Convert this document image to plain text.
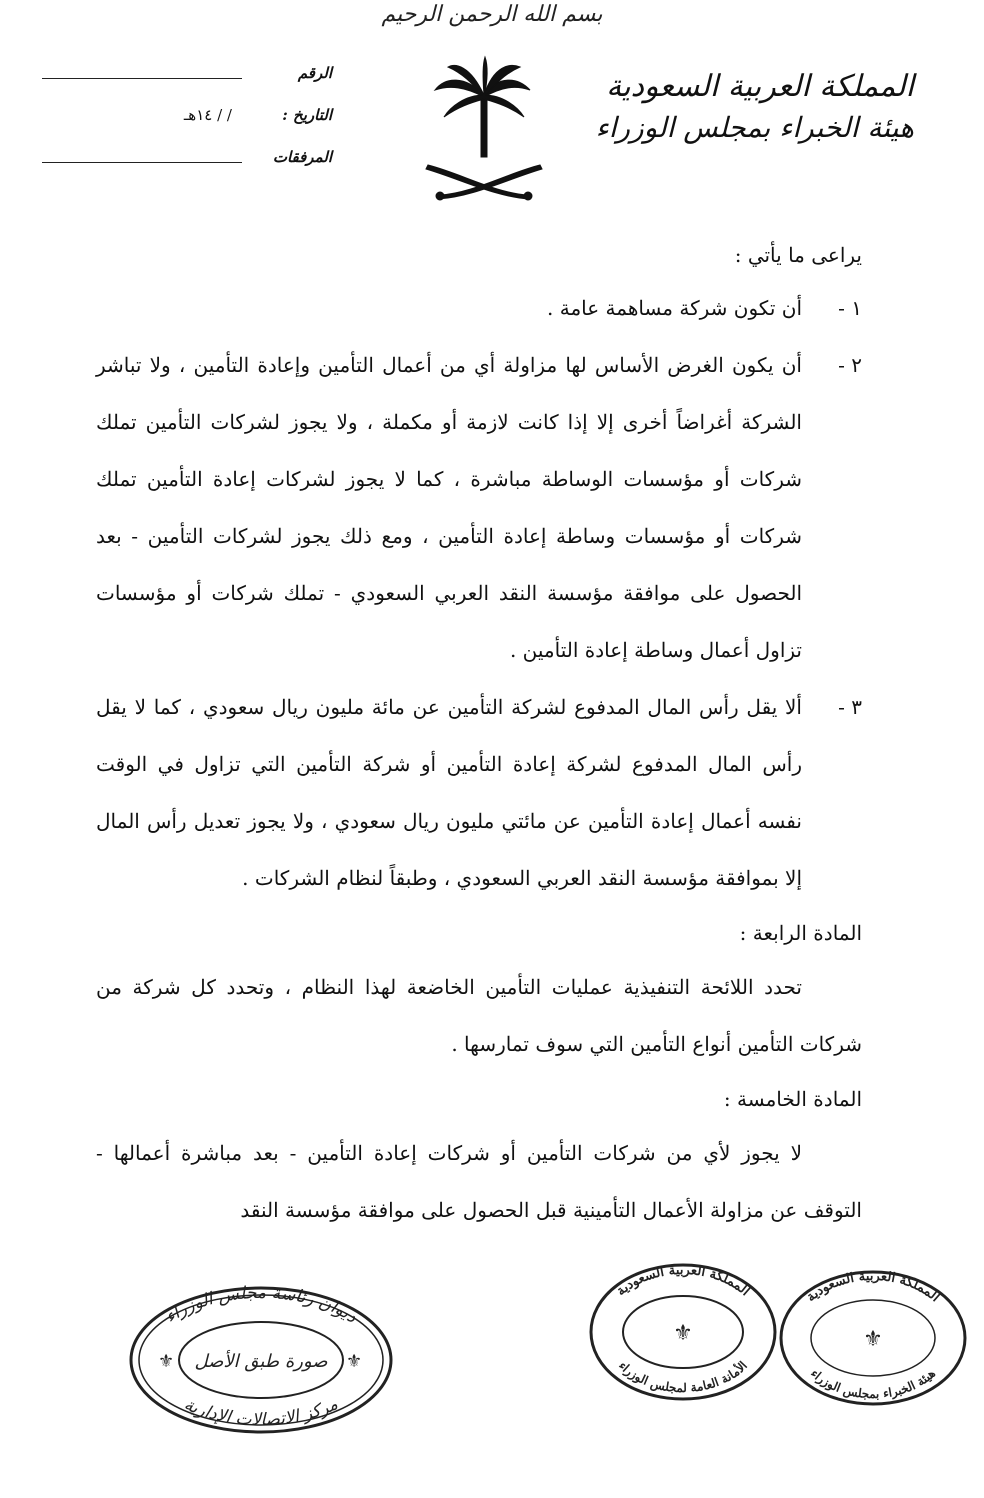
بسم الله الرحمن الرحيم
المملكة العربية السعودية
هيئة الخبراء بمجلس الوزراء
الرقم
التاريخ :
/ / ١٤هـ
المرفقات

يراعى ما يأتي :

١ -
أن تكون شركة مساهمة عامة .
٢ -
أن يكون الغرض الأساس لها مزاولة أي من أعمال التأمين وإعادة التأمين ، ولا تباشر الشركة أغراضاً أخرى إلا إذا كانت لازمة أو مكملة ، ولا يجوز لشركات التأمين تملك شركات أو مؤسسات الوساطة مباشرة ، كما لا يجوز لشركات إعادة التأمين تملك شركات أو مؤسسات وساطة إعادة التأمين ، ومع ذلك يجوز لشركات التأمين - بعد الحصول على موافقة مؤسسة النقد العربي السعودي - تملك شركات أو مؤسسات تزاول أعمال وساطة إعادة التأمين .
٣ -
ألا يقل رأس المال المدفوع لشركة التأمين عن مائة مليون ريال سعودي ، كما لا يقل رأس المال المدفوع لشركة إعادة التأمين أو شركة التأمين التي تزاول في الوقت نفسه أعمال إعادة التأمين عن مائتي مليون ريال سعودي ، ولا يجوز تعديل رأس المال إلا بموافقة مؤسسة النقد العربي السعودي ، وطبقاً لنظام الشركات .

المادة الرابعة :

تحدد اللائحة التنفيذية عمليات التأمين الخاضعة لهذا النظام ، وتحدد كل شركة من شركات التأمين أنواع التأمين التي سوف تمارسها .

المادة الخامسة :

لا يجوز لأي من شركات التأمين أو شركات إعادة التأمين - بعد مباشرة أعمالها - التوقف عن مزاولة الأعمال التأمينية قبل الحصول على موافقة مؤسسة النقد

ديوان رئاسة مجلس الوزراء
مركز الاتصالات الإدارية
صورة طبق الأصل
⚜	⚜
المملكة العربية السعودية
الأمانة العامة لمجلس الوزراء
⚜
المملكة العربية السعودية
هيئة الخبراء بمجلس الوزراء
⚜
